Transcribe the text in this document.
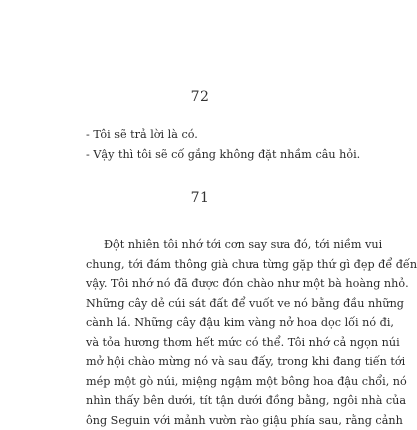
72
- Tôi sẽ trả lời là có.
- Vậy thì tôi sẽ cố gắng không đặt nhầm câu hỏi.
71
Đột nhiên tôi nhớ tới cơn say sưa đó, tới niềm vui
chung, tới đám thông già chưa từng gặp thứ gì đẹp để đến
vậy. Tôi nhớ nó đã được đón chào như một bà hoàng nhỏ.
Những cây dẻ cúi sát đất để vuốt ve nó bằng đầu những
cành lá. Những cây đậu kim vàng nở hoa dọc lối nó đi,
và tỏa hương thơm hết mức có thể. Tôi nhớ cả ngọn núi
mở hội chào mừng nó và sau đấy, trong khi đang tiến tới
mép một gò núi, miệng ngậm một bông hoa đậu chổi, nó
nhìn thấy bên dưới, tít tận dưới đồng bằng, ngôi nhà của
ông Seguin với mảnh vườn rào giậu phía sau, rằng cảnh
